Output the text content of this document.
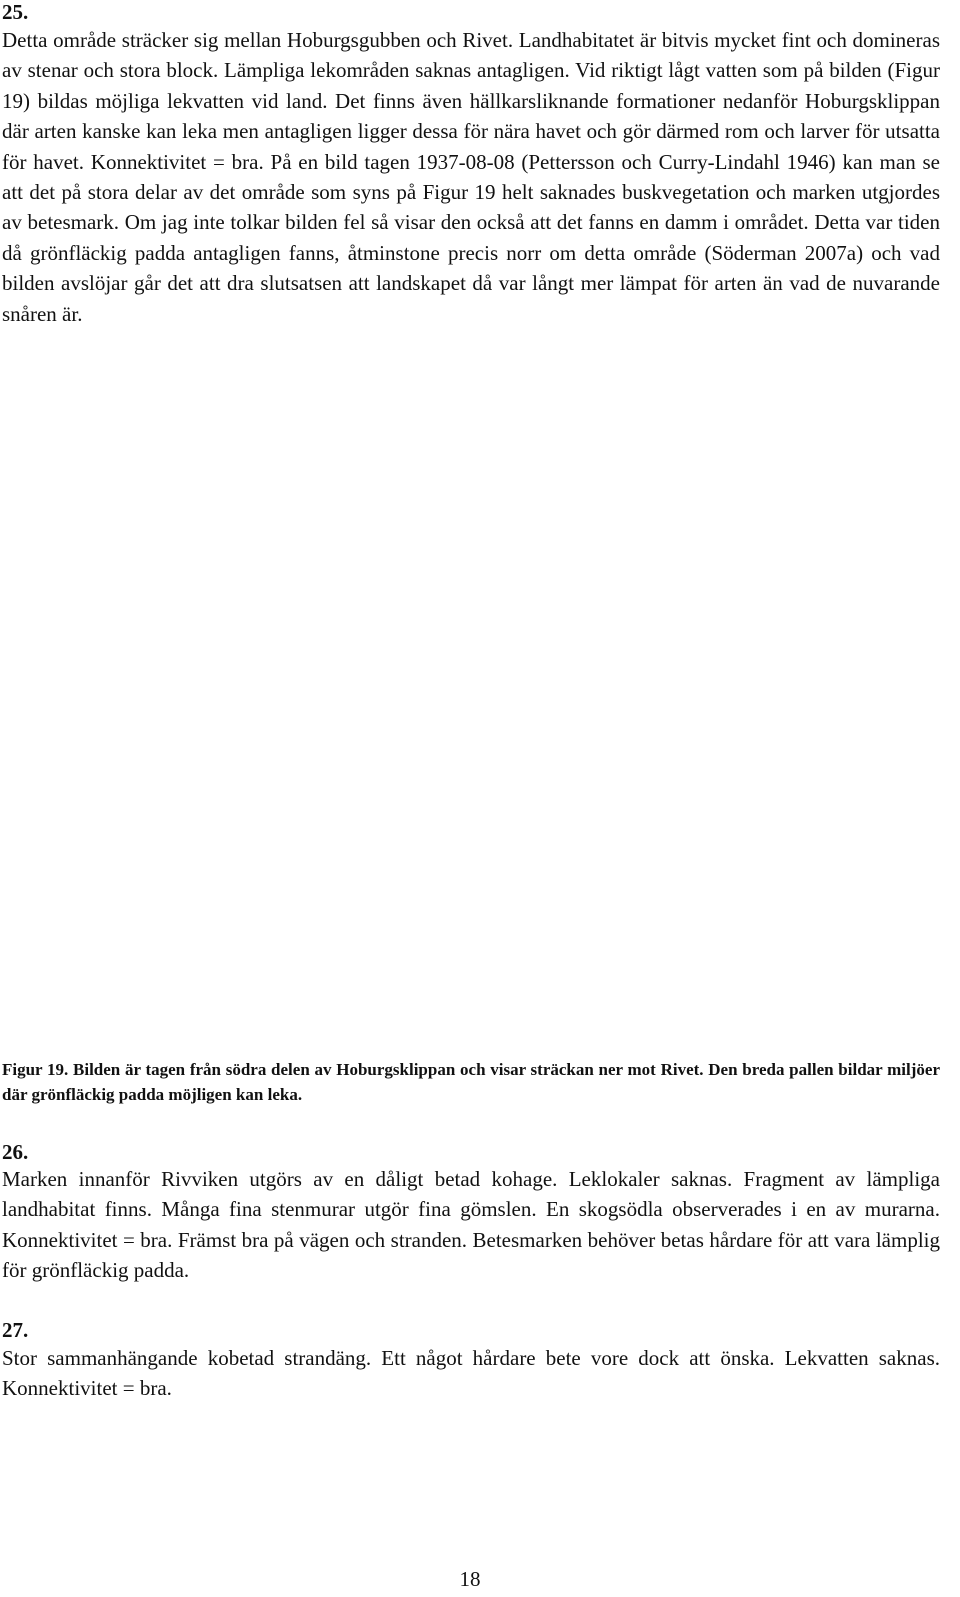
25.
Detta område sträcker sig mellan Hoburgsgubben och Rivet. Landhabitatet är bitvis mycket fint och domineras av stenar och stora block. Lämpliga lekområden saknas antagligen. Vid riktigt lågt vatten som på bilden (Figur 19) bildas möjliga lekvatten vid land. Det finns även hällkarsliknande formationer nedanför Hoburgsklippan där arten kanske kan leka men antagligen ligger dessa för nära havet och gör därmed rom och larver för utsatta för havet. Konnektivitet = bra. På en bild tagen 1937-08-08 (Pettersson och Curry-Lindahl 1946) kan man se att det på stora delar av det område som syns på Figur 19 helt saknades buskvegetation och marken utgjordes av betesmark. Om jag inte tolkar bilden fel så visar den också att det fanns en damm i området. Detta var tiden då grönfläckig padda antagligen fanns, åtminstone precis norr om detta område (Söderman 2007a) och vad bilden avslöjar går det att dra slutsatsen att landskapet då var långt mer lämpat för arten än vad de nuvarande snåren är.
Figur 19. Bilden är tagen från södra delen av Hoburgsklippan och visar sträckan ner mot Rivet. Den breda pallen bildar miljöer där grönfläckig padda möjligen kan leka.
26.
Marken innanför Rivviken utgörs av en dåligt betad kohage. Leklokaler saknas. Fragment av lämpliga landhabitat finns. Många fina stenmurar utgör fina gömslen. En skogsödla observerades i en av murarna. Konnektivitet = bra. Främst bra på vägen och stranden. Betesmarken behöver betas hårdare för att vara lämplig för grönfläckig padda.
27.
Stor sammanhängande kobetad strandäng. Ett något hårdare bete vore dock att önska. Lekvatten saknas. Konnektivitet = bra.
18
